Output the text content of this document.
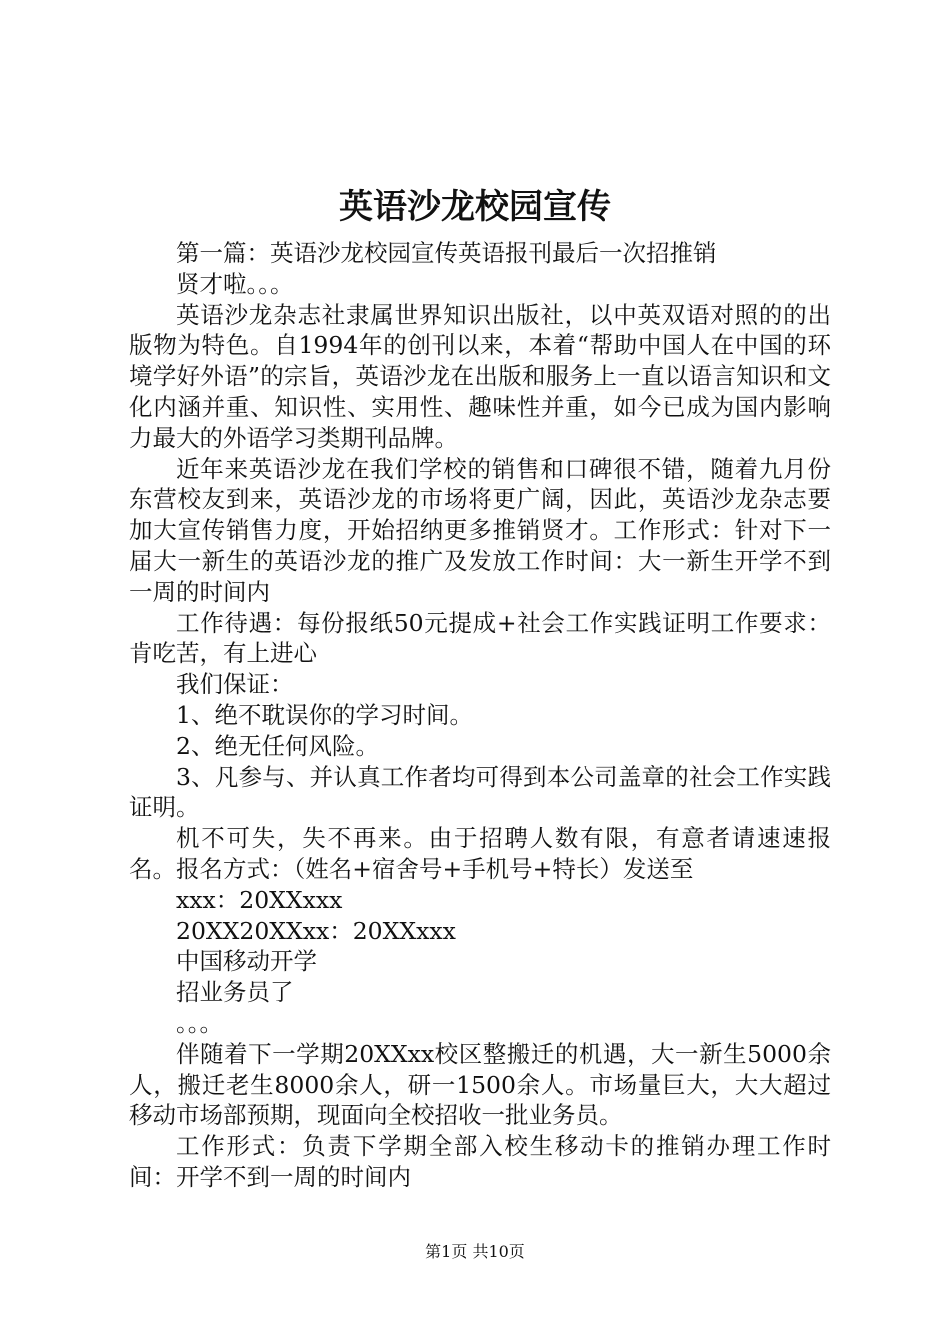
英语沙龙校园宣传

第一篇：英语沙龙校园宣传英语报刊最后一次招推销

贤才啦。。。

英语沙龙杂志社隶属世界知识出版社，以中英双语对照的的出版物为特色。自1994年的创刊以来，本着“帮助中国人在中国的环境学好外语”的宗旨，英语沙龙在出版和服务上一直以语言知识和文化内涵并重、知识性、实用性、趣味性并重，如今已成为国内影响力最大的外语学习类期刊品牌。

近年来英语沙龙在我们学校的销售和口碑很不错，随着九月份东营校友到来，英语沙龙的市场将更广阔，因此，英语沙龙杂志要加大宣传销售力度，开始招纳更多推销贤才。工作形式：针对下一届大一新生的英语沙龙的推广及发放工作时间：大一新生开学不到一周的时间内

工作待遇：每份报纸50元提成+社会工作实践证明工作要求：肯吃苦，有上进心

我们保证：

1、绝不耽误你的学习时间。

2、绝无任何风险。

3、凡参与、并认真工作者均可得到本公司盖章的社会工作实践证明。

机不可失，失不再来。由于招聘人数有限，有意者请速速报名。报名方式：（姓名+宿舍号+手机号+特长）发送至

xxx：20XXxxx

20XX20XXxx：20XXxxx

中国移动开学

招业务员了

。。。

伴随着下一学期20XXxx校区整搬迁的机遇，大一新生5000余人，搬迁老生8000余人，研一1500余人。市场量巨大，大大超过移动市场部预期，现面向全校招收一批业务员。

工作形式：负责下学期全部入校生移动卡的推销办理工作时间：开学不到一周的时间内

第1页 共10页
